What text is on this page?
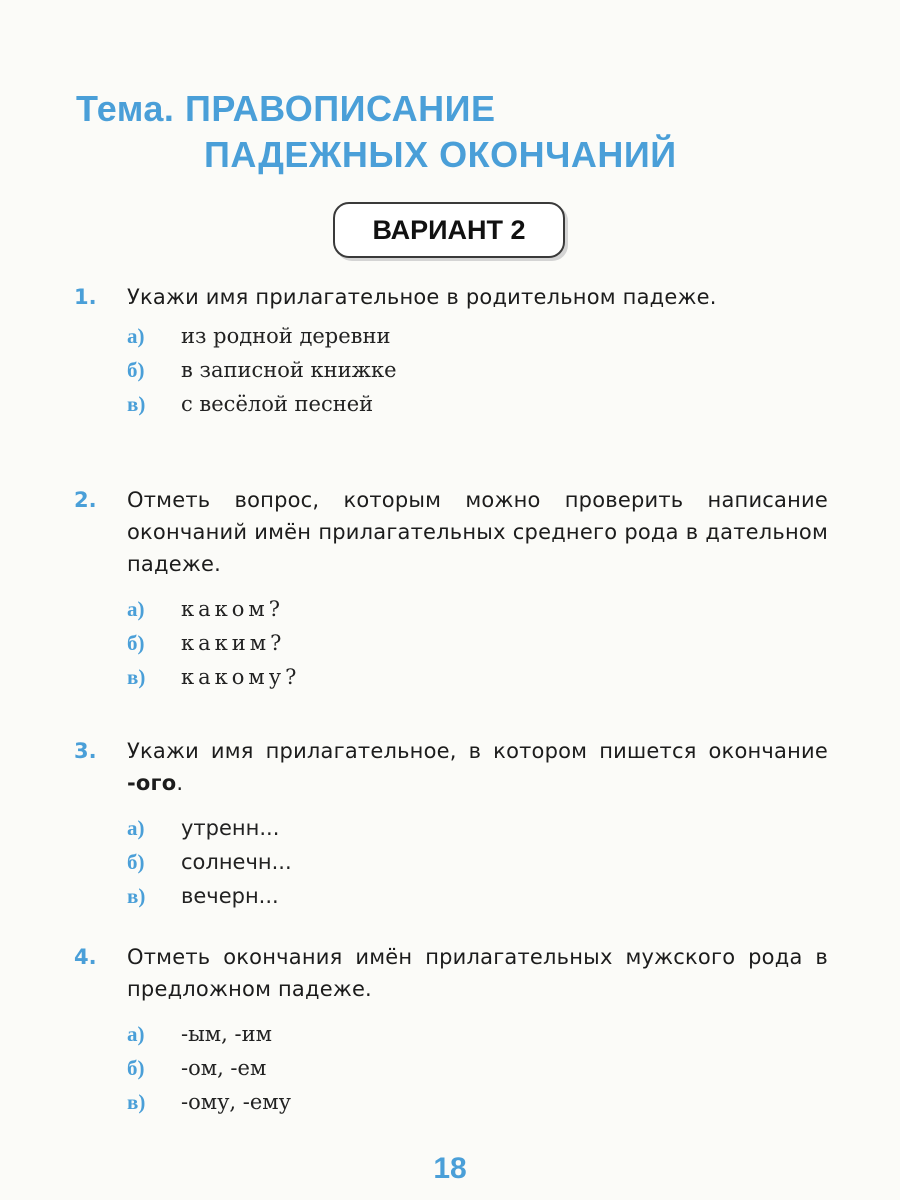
Тема. ПРАВОПИСАНИЕ
ПАДЕЖНЫХ ОКОНЧАНИЙ
ВАРИАНТ 2
1. Укажи имя прилагательное в родительном падеже.

а) из родной деревни
б) в записной книжке
в) с весёлой песней
2. Отметь вопрос, которым можно проверить написание окончаний имён прилагательных среднего рода в дательном падеже.

а) каком?
б) каким?
в) какому?
3. Укажи имя прилагательное, в котором пишется окончание -ого.

а) утренн...
б) солнечн...
в) вечерн...
4. Отметь окончания имён прилагательных мужского рода в предложном падеже.

а) -ым, -им
б) -ом, -ем
в) -ому, -ему
18
